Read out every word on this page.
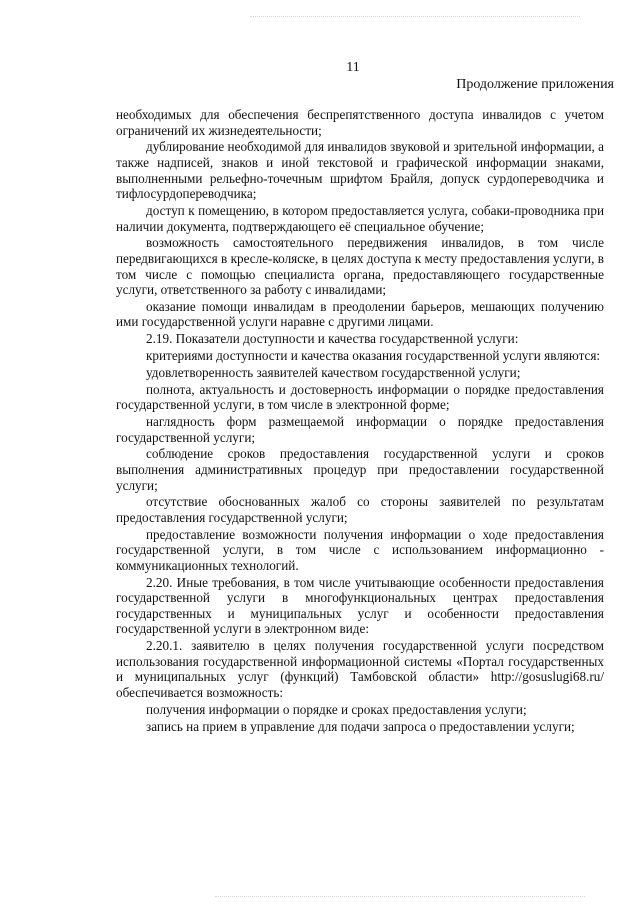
11
Продолжение приложения

необходимых для обеспечения беспрепятственного доступа инвалидов с учетом ограничений их жизнедеятельности;

дублирование необходимой для инвалидов звуковой и зрительной информации, а также надписей, знаков и иной текстовой и графической информации знаками, выполненными рельефно-точечным шрифтом Брайля, допуск сурдопереводчика и тифлосурдопереводчика;

доступ к помещению, в котором предоставляется услуга, собаки-проводника при наличии документа, подтверждающего её специальное обучение;

возможность самостоятельного передвижения инвалидов, в том числе передвигающихся в кресле-коляске, в целях доступа к месту предоставления услуги, в том числе с помощью специалиста органа, предоставляющего государственные услуги, ответственного за работу с инвалидами;

оказание помощи инвалидам в преодолении барьеров, мешающих получению ими государственной услуги наравне с другими лицами.

2.19. Показатели доступности и качества государственной услуги:

критериями доступности и качества оказания государственной услуги являются:

удовлетворенность заявителей качеством государственной услуги;

полнота, актуальность и достоверность информации о порядке предоставления государственной услуги, в том числе в электронной форме;

наглядность форм размещаемой информации о порядке предоставления государственной услуги;

соблюдение сроков предоставления государственной услуги и сроков выполнения административных процедур при предоставлении государственной услуги;

отсутствие обоснованных жалоб со стороны заявителей по результатам предоставления государственной услуги;

предоставление возможности получения информации о ходе предоставления государственной услуги, в том числе с использованием информационно - коммуникационных технологий.

2.20. Иные требования, в том числе учитывающие особенности предоставления государственной услуги в многофункциональных центрах предоставления государственных и муниципальных услуг и особенности предоставления государственной услуги в электронном виде:

2.20.1. заявителю в целях получения государственной услуги посредством использования государственной информационной системы «Портал государственных и муниципальных услуг (функций) Тамбовской области» http://gosuslugi68.ru/ обеспечивается возможность:

получения информации о порядке и сроках предоставления услуги;

запись на прием в управление для подачи запроса о предоставлении услуги;
